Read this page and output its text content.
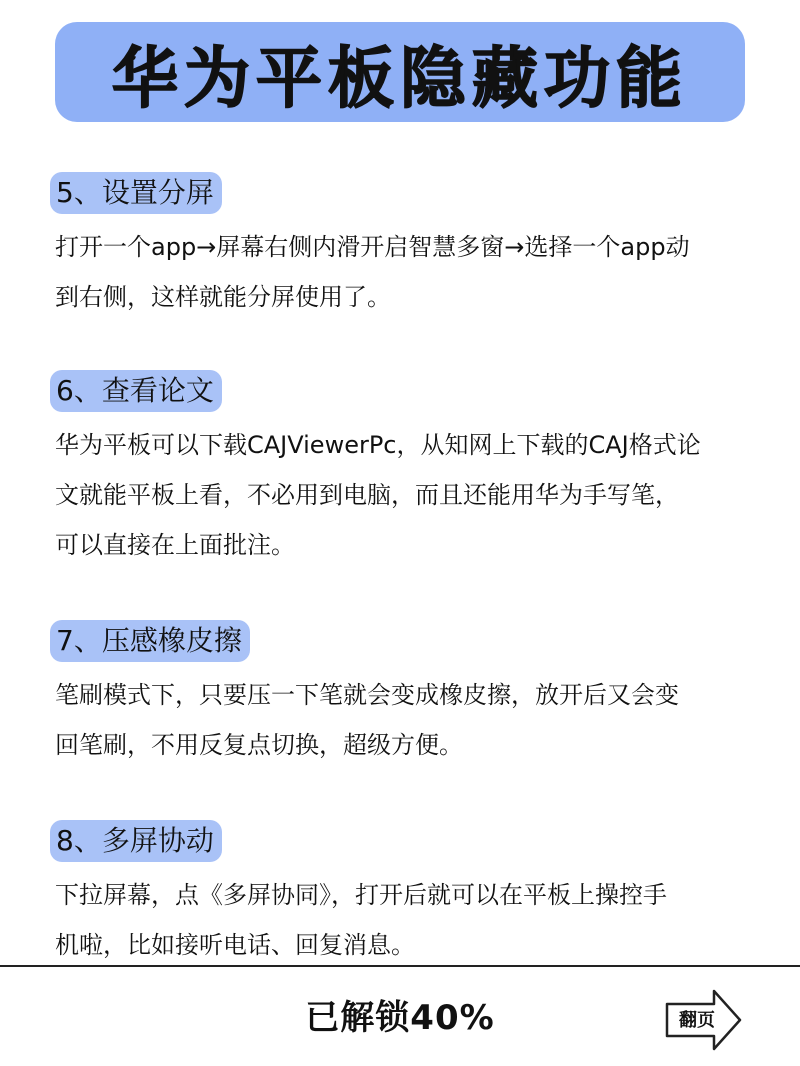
华为平板隐藏功能
5、设置分屏
打开一个app→屏幕右侧内滑开启智慧多窗→选择一个app动
到右侧，这样就能分屏使用了。
6、查看论文
华为平板可以下载CAJViewerPc，从知网上下载的CAJ格式论
文就能平板上看，不必用到电脑，而且还能用华为手写笔，
可以直接在上面批注。
7、压感橡皮擦
笔刷模式下，只要压一下笔就会变成橡皮擦，放开后又会变
回笔刷，不用反复点切换，超级方便。
8、多屏协动
下拉屏幕，点《多屏协同》，打开后就可以在平板上操控手
机啦，比如接听电话、回复消息。
已解锁40%	翻页
